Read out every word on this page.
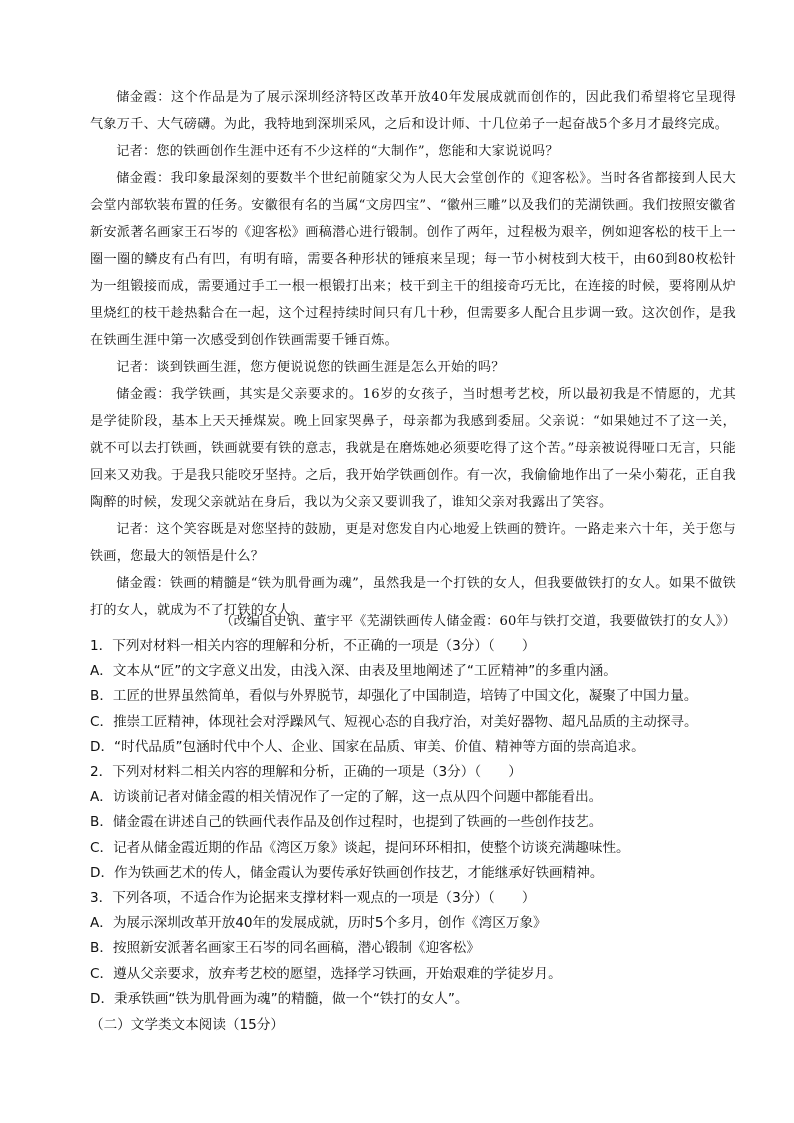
储金霞：这个作品是为了展示深圳经济特区改革开放40年发展成就而创作的，因此我们希望将它呈现得气象万千、大气磅礴。为此，我特地到深圳采风，之后和设计师、十几位弟子一起奋战5个多月才最终完成。

记者：您的铁画创作生涯中还有不少这样的“大制作”，您能和大家说说吗？

储金霞：我印象最深刻的要数半个世纪前随家父为人民大会堂创作的《迎客松》。当时各省都接到人民大会堂内部软装布置的任务。安徽很有名的当属“文房四宝”、“徽州三雕”以及我们的芜湖铁画。我们按照安徽省新安派著名画家王石岑的《迎客松》画稿潜心进行锻制。创作了两年，过程极为艰辛，例如迎客松的枝干上一圈一圈的鳞皮有凸有凹，有明有暗，需要各种形状的锤痕来呈现；每一节小树枝到大枝干，由60到80枚松针为一组锻接而成，需要通过手工一根一根锻打出来；枝干到主干的组接奇巧无比，在连接的时候，要将刚从炉里烧红的枝干趁热黏合在一起，这个过程持续时间只有几十秒，但需要多人配合且步调一致。这次创作，是我在铁画生涯中第一次感受到创作铁画需要千锤百炼。

记者：谈到铁画生涯，您方便说说您的铁画生涯是怎么开始的吗？

储金霞：我学铁画，其实是父亲要求的。16岁的女孩子，当时想考艺校，所以最初我是不情愿的，尤其是学徒阶段，基本上天天捶煤炭。晚上回家哭鼻子，母亲都为我感到委屈。父亲说：“如果她过不了这一关，就不可以去打铁画，铁画就要有铁的意志，我就是在磨炼她必须要吃得了这个苦。”母亲被说得哑口无言，只能回来又劝我。于是我只能咬牙坚持。之后，我开始学铁画创作。有一次，我偷偷地作出了一朵小菊花，正自我陶醉的时候，发现父亲就站在身后，我以为父亲又要训我了，谁知父亲对我露出了笑容。

记者：这个笑容既是对您坚持的鼓励，更是对您发自内心地爱上铁画的赞许。一路走来六十年，关于您与铁画，您最大的领悟是什么？

储金霞：铁画的精髓是“铁为肌骨画为魂”，虽然我是一个打铁的女人，但我要做铁打的女人。如果不做铁打的女人，就成为不了打铁的女人。

（改编自史钒、董宇平《芜湖铁画传人储金霞：60年与铁打交道，我要做铁打的女人》）
1．下列对材料一相关内容的理解和分析，不正确的一项是（3分）（　　）
A．文本从“匠”的文字意义出发，由浅入深、由表及里地阐述了“工匠精神”的多重内涵。
B．工匠的世界虽然简单，看似与外界脱节，却强化了中国制造，培铸了中国文化，凝聚了中国力量。
C．推崇工匠精神，体现社会对浮躁风气、短视心态的自我疗治，对美好器物、超凡品质的主动探寻。
D．“时代品质”包涵时代中个人、企业、国家在品质、审美、价值、精神等方面的崇高追求。
2．下列对材料二相关内容的理解和分析，正确的一项是（3分）（　　）
A．访谈前记者对储金霞的相关情况作了一定的了解，这一点从四个问题中都能看出。
B．储金霞在讲述自己的铁画代表作品及创作过程时，也提到了铁画的一些创作技艺。
C．记者从储金霞近期的作品《湾区万象》谈起，提问环环相扣，使整个访谈充满趣味性。
D．作为铁画艺术的传人，储金霞认为要传承好铁画创作技艺，才能继承好铁画精神。
3．下列各项，不适合作为论据来支撑材料一观点的一项是（3分）（　　）
A．为展示深圳改革开放40年的发展成就，历时5个多月，创作《湾区万象》
B．按照新安派著名画家王石岑的同名画稿，潜心锻制《迎客松》
C．遵从父亲要求，放弃考艺校的愿望，选择学习铁画，开始艰难的学徒岁月。
D．秉承铁画“铁为肌骨画为魂”的精髓，做一个“铁打的女人”。
（二）文学类文本阅读（15分）
